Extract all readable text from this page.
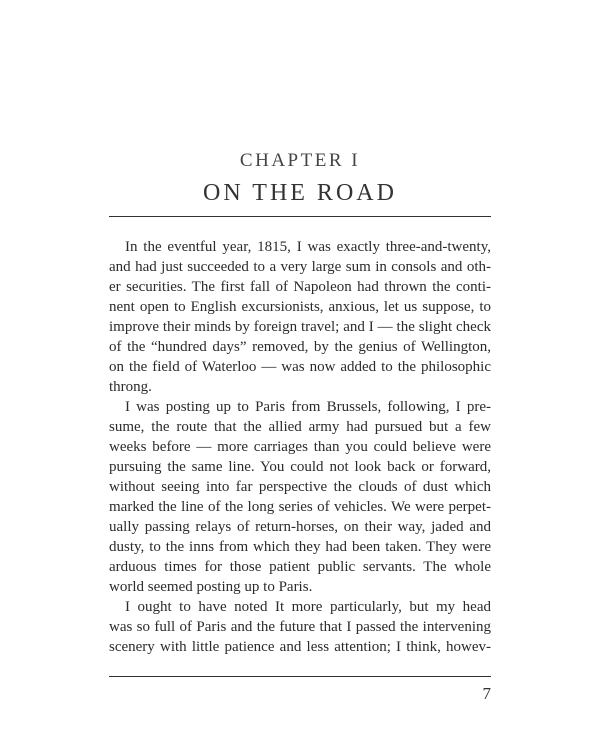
CHAPTER I
ON THE ROAD
In the eventful year, 1815, I was exactly three-and-twenty,
and had just succeeded to a very large sum in consols and oth-
er securities. The first fall of Napoleon had thrown the conti-
nent open to English excursionists, anxious, let us suppose, to
improve their minds by foreign travel; and I — the slight check
of the “hundred days” removed, by the genius of Wellington,
on the field of Waterloo — was now added to the philosophic
throng.
I was posting up to Paris from Brussels, following, I pre-
sume, the route that the allied army had pursued but a few
weeks before — more carriages than you could believe were
pursuing the same line. You could not look back or forward,
without seeing into far perspective the clouds of dust which
marked the line of the long series of vehicles. We were perpet-
ually passing relays of return-horses, on their way, jaded and
dusty, to the inns from which they had been taken. They were
arduous times for those patient public servants. The whole
world seemed posting up to Paris.
I ought to have noted It more particularly, but my head
was so full of Paris and the future that I passed the intervening
scenery with little patience and less attention; I think, howev-
7
